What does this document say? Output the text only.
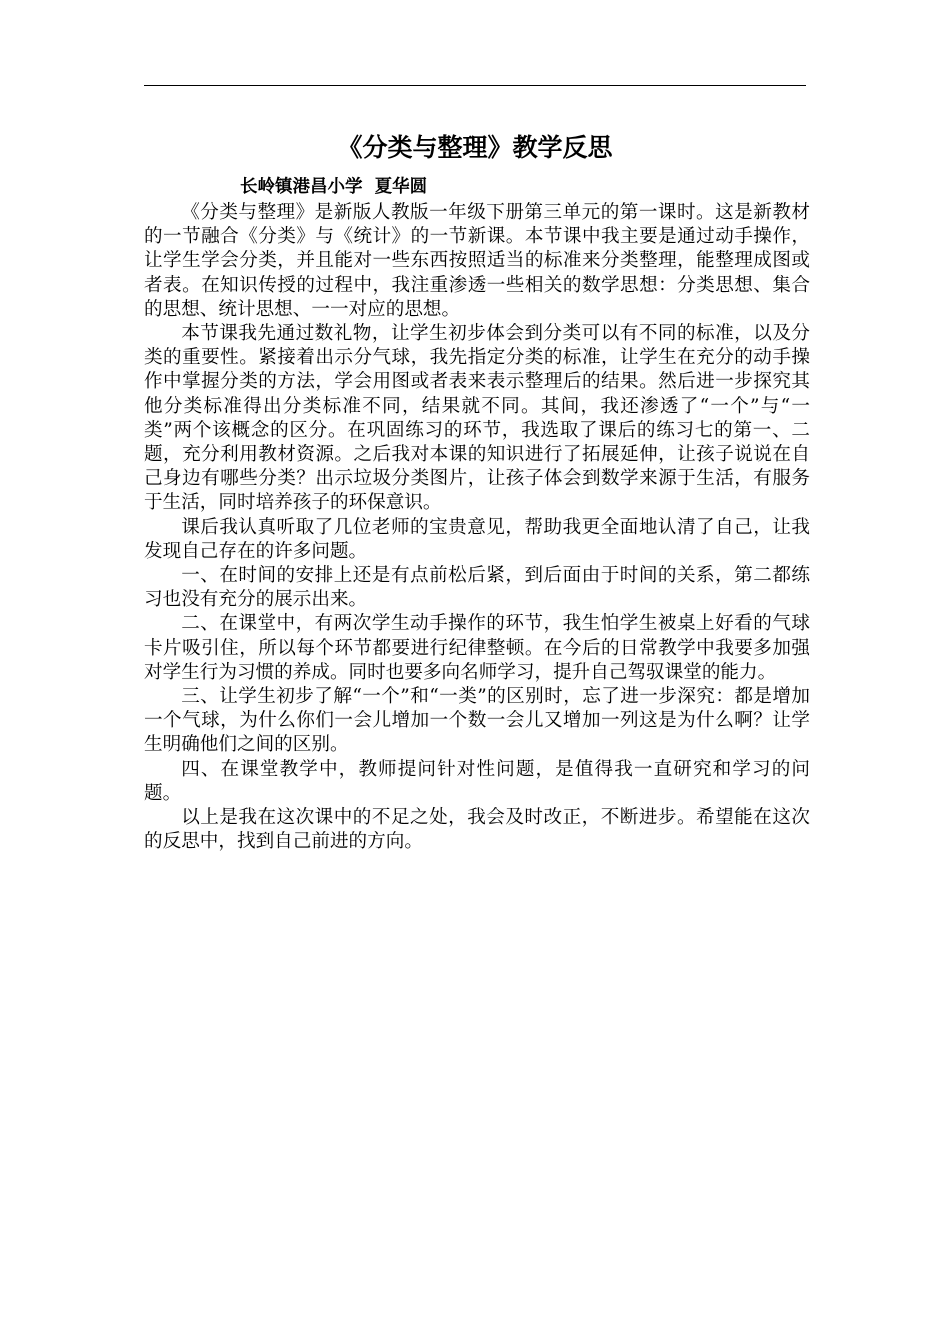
《分类与整理》教学反思
长岭镇港昌小学  夏华圆

《分类与整理》是新版人教版一年级下册第三单元的第一课时。这是新教材的一节融合《分类》与《统计》的一节新课。本节课中我主要是通过动手操作，让学生学会分类，并且能对一些东西按照适当的标准来分类整理，能整理成图或者表。在知识传授的过程中，我注重渗透一些相关的数学思想：分类思想、集合的思想、统计思想、一一对应的思想。

本节课我先通过数礼物，让学生初步体会到分类可以有不同的标准，以及分类的重要性。紧接着出示分气球，我先指定分类的标准，让学生在充分的动手操作中掌握分类的方法，学会用图或者表来表示整理后的结果。然后进一步探究其他分类标准得出分类标准不同，结果就不同。其间，我还渗透了“一个”与“一类”两个该概念的区分。在巩固练习的环节，我选取了课后的练习七的第一、二题，充分利用教材资源。之后我对本课的知识进行了拓展延伸，让孩子说说在自己身边有哪些分类？出示垃圾分类图片，让孩子体会到数学来源于生活，有服务于生活，同时培养孩子的环保意识。

课后我认真听取了几位老师的宝贵意见，帮助我更全面地认清了自己，让我发现自己存在的许多问题。

一、在时间的安排上还是有点前松后紧，到后面由于时间的关系，第二都练习也没有充分的展示出来。

二、在课堂中，有两次学生动手操作的环节，我生怕学生被桌上好看的气球卡片吸引住，所以每个环节都要进行纪律整顿。在今后的日常教学中我要多加强对学生行为习惯的养成。同时也要多向名师学习，提升自己驾驭课堂的能力。

三、让学生初步了解“一个”和“一类”的区别时，忘了进一步深究：都是增加一个气球，为什么你们一会儿增加一个数一会儿又增加一列这是为什么啊？让学生明确他们之间的区别。

四、在课堂教学中，教师提问针对性问题，是值得我一直研究和学习的问题。

以上是我在这次课中的不足之处，我会及时改正，不断进步。希望能在这次的反思中，找到自己前进的方向。
